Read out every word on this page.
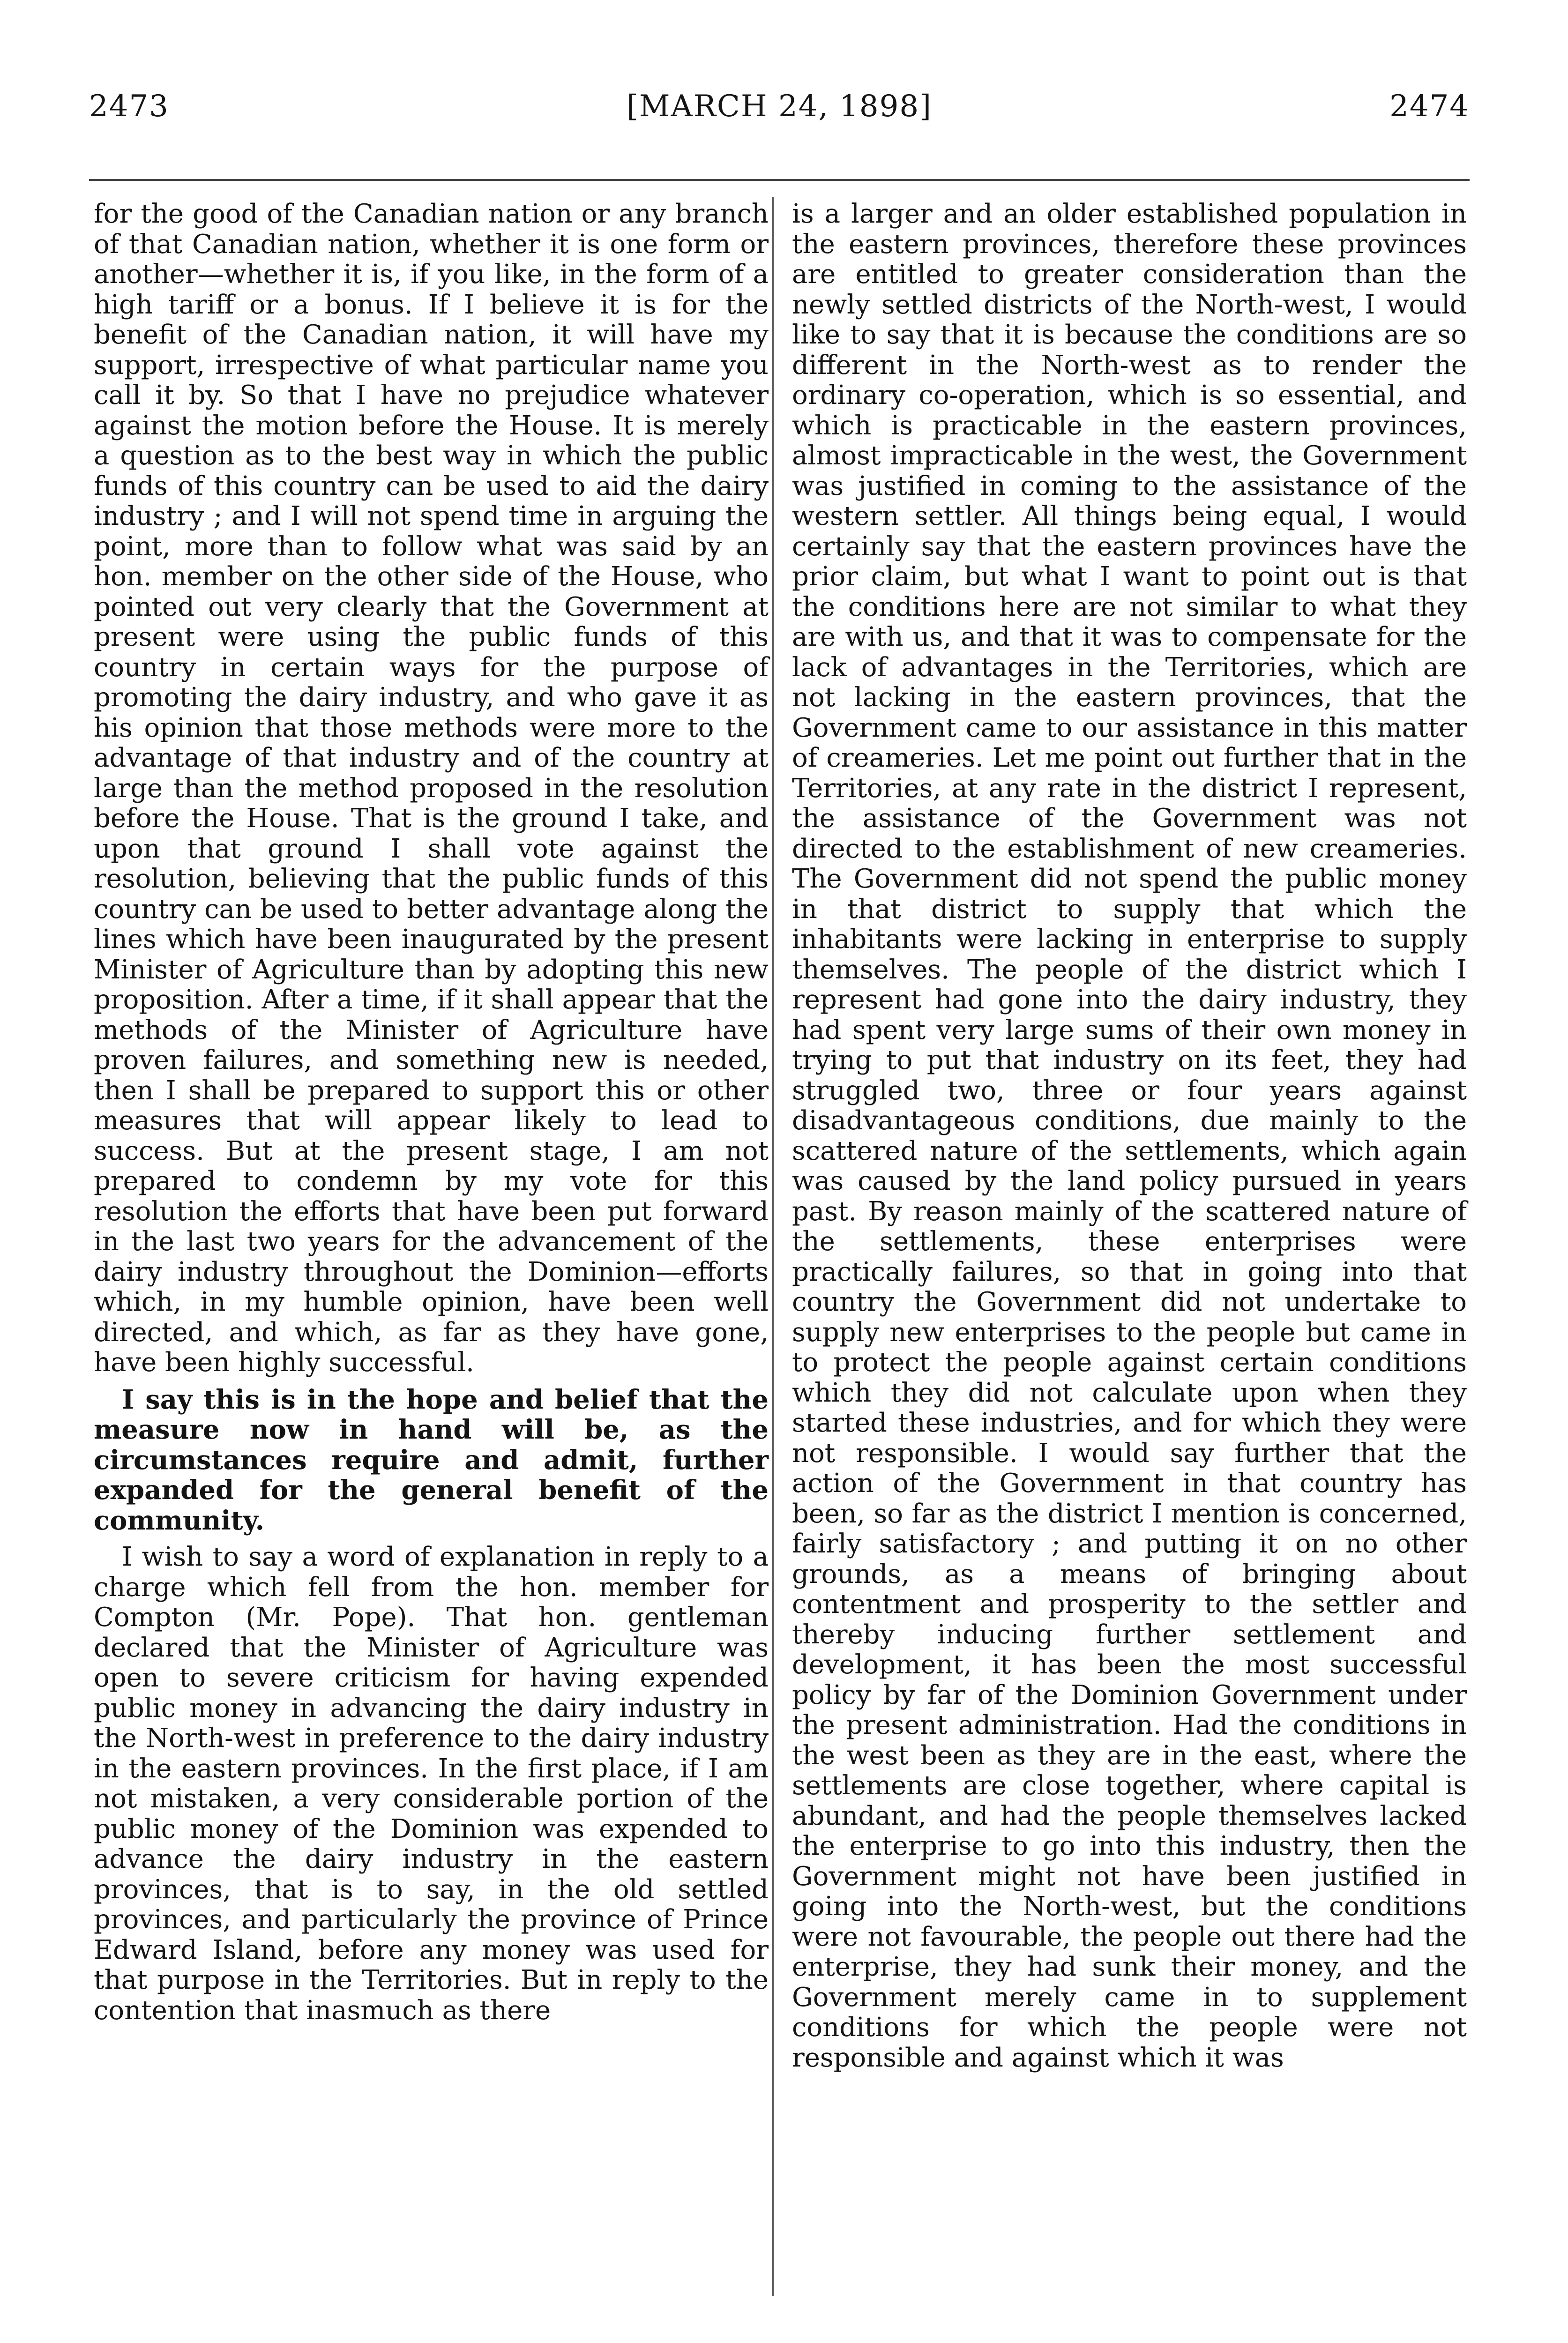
2473	[MARCH 24, 1898]	2474

for the good of the Canadian nation or any branch of that Canadian nation, whether it is one form or another—whether it is, if you like, in the form of a high tariff or a bonus. If I believe it is for the benefit of the Canadian nation, it will have my support, irrespective of what particular name you call it by. So that I have no prejudice whatever against the motion before the House. It is merely a question as to the best way in which the public funds of this country can be used to aid the dairy industry ; and I will not spend time in arguing the point, more than to follow what was said by an hon. member on the other side of the House, who pointed out very clearly that the Government at present were using the public funds of this country in certain ways for the purpose of promoting the dairy industry, and who gave it as his opinion that those methods were more to the advantage of that industry and of the country at large than the method proposed in the resolution before the House. That is the ground I take, and upon that ground I shall vote against the resolution, believing that the public funds of this country can be used to better advantage along the lines which have been inaugurated by the present Minister of Agriculture than by adopting this new proposition. After a time, if it shall appear that the methods of the Minister of Agriculture have proven failures, and something new is needed, then I shall be prepared to support this or other measures that will appear likely to lead to success. But at the present stage, I am not prepared to condemn by my vote for this resolution the efforts that have been put forward in the last two years for the advancement of the dairy industry throughout the Dominion—efforts which, in my humble opinion, have been well directed, and which, as far as they have gone, have been highly successful.

I say this is in the hope and belief that the measure now in hand will be, as the circumstances require and admit, further expanded for the general benefit of the community.

I wish to say a word of explanation in reply to a charge which fell from the hon. member for Compton (Mr. Pope). That hon. gentleman declared that the Minister of Agriculture was open to severe criticism for having expended public money in advancing the dairy industry in the North-west in preference to the dairy industry in the eastern provinces. In the first place, if I am not mistaken, a very considerable portion of the public money of the Dominion was expended to advance the dairy industry in the eastern provinces, that is to say, in the old settled provinces, and particularly the province of Prince Edward Island, before any money was used for that purpose in the Territories. But in reply to the contention that inasmuch as there

is a larger and an older established population in the eastern provinces, therefore these provinces are entitled to greater consideration than the newly settled districts of the North-west, I would like to say that it is because the conditions are so different in the North-west as to render the ordinary co-operation, which is so essential, and which is practicable in the eastern provinces, almost impracticable in the west, the Government was justified in coming to the assistance of the western settler. All things being equal, I would certainly say that the eastern provinces have the prior claim, but what I want to point out is that the conditions here are not similar to what they are with us, and that it was to compensate for the lack of advantages in the Territories, which are not lacking in the eastern provinces, that the Government came to our assistance in this matter of creameries. Let me point out further that in the Territories, at any rate in the district I represent, the assistance of the Government was not directed to the establishment of new creameries. The Government did not spend the public money in that district to supply that which the inhabitants were lacking in enterprise to supply themselves. The people of the district which I represent had gone into the dairy industry, they had spent very large sums of their own money in trying to put that industry on its feet, they had struggled two, three or four years against disadvantageous conditions, due mainly to the scattered nature of the settlements, which again was caused by the land policy pursued in years past. By reason mainly of the scattered nature of the settlements, these enterprises were practically failures, so that in going into that country the Government did not undertake to supply new enterprises to the people but came in to protect the people against certain conditions which they did not calculate upon when they started these industries, and for which they were not responsible. I would say further that the action of the Government in that country has been, so far as the district I mention is concerned, fairly satisfactory ; and putting it on no other grounds, as a means of bringing about contentment and prosperity to the settler and thereby inducing further settlement and development, it has been the most successful policy by far of the Dominion Government under the present administration. Had the conditions in the west been as they are in the east, where the settlements are close together, where capital is abundant, and had the people themselves lacked the enterprise to go into this industry, then the Government might not have been justified in going into the North-west, but the conditions were not favourable, the people out there had the enterprise, they had sunk their money, and the Government merely came in to supplement conditions for which the people were not responsible and against which it was
